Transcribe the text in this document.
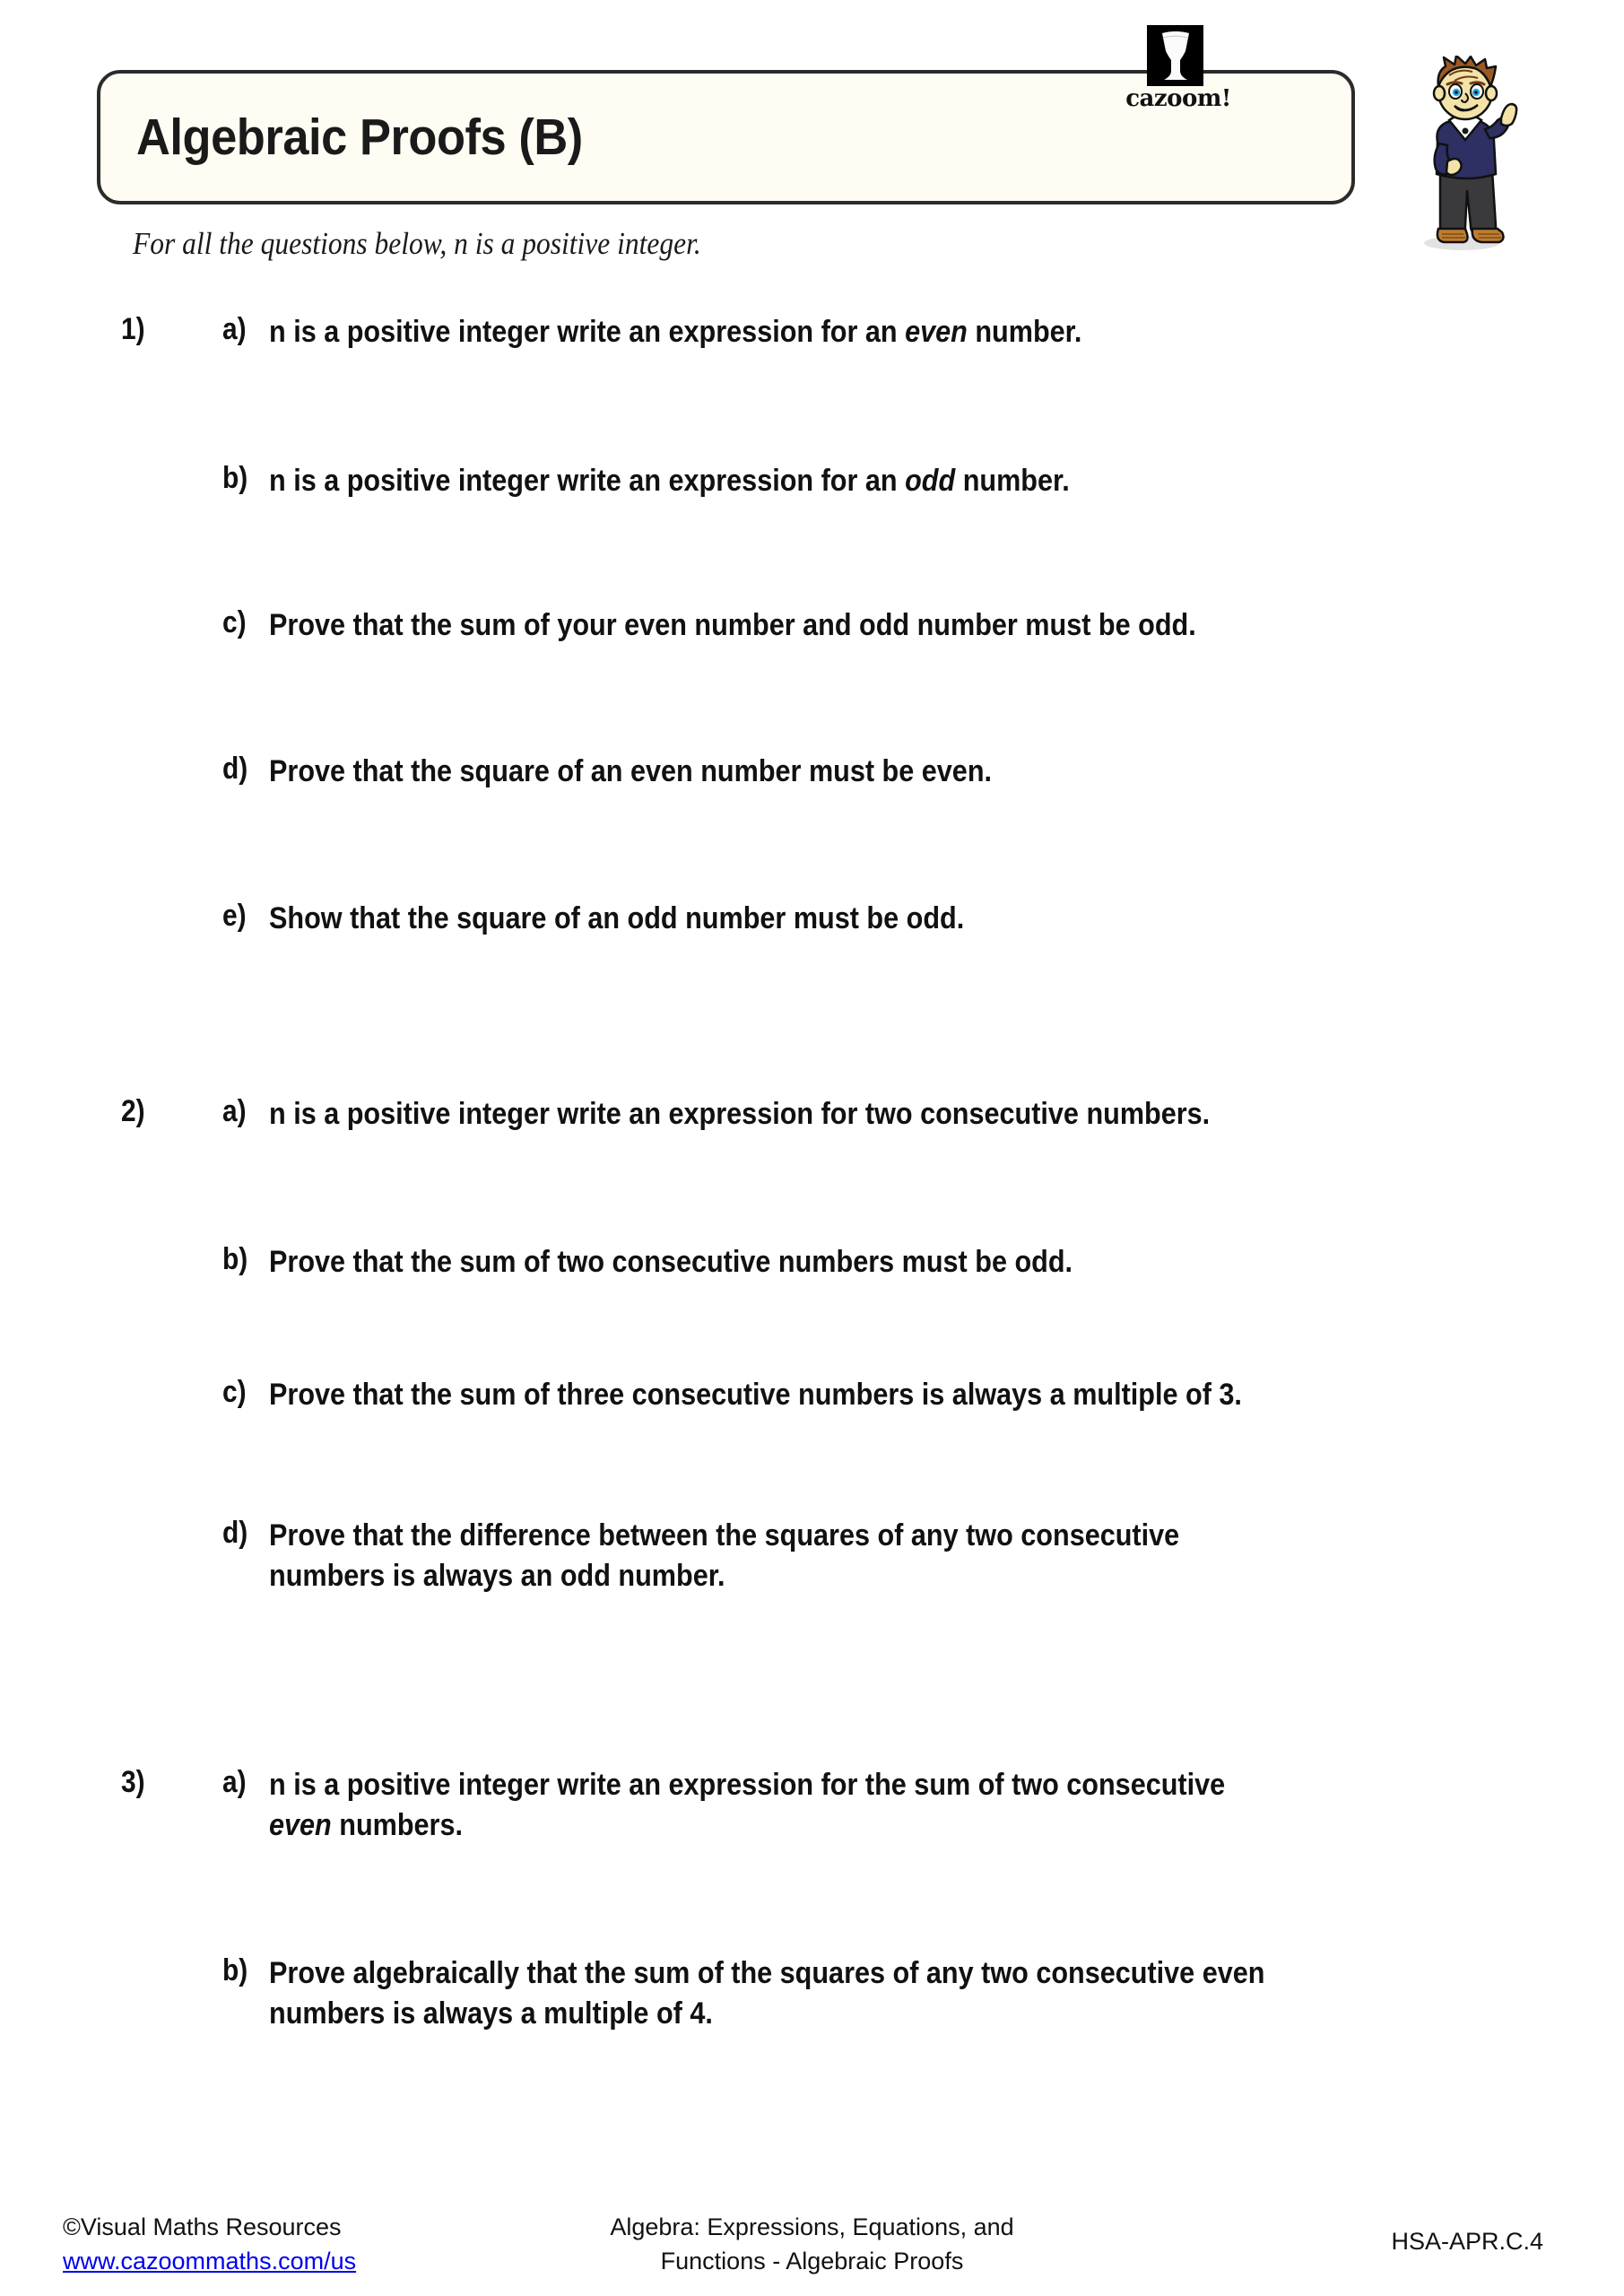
Algebraic Proofs (B)
cazoom!
For all the questions below, n is a positive integer.
1)	a) n is a positive integer write an expression for an even number.
b) n is a positive integer write an expression for an odd number.
c) Prove that the sum of your even number and odd number must be odd.
d) Prove that the square of an even number must be even.
e) Show that the square of an odd number must be odd.
2)	a) n is a positive integer write an expression for two consecutive numbers.
b) Prove that the sum of two consecutive numbers must be odd.
c) Prove that the sum of three consecutive numbers is always a multiple of 3.
d) Prove that the difference between the squares of any two consecutive numbers is always an odd number.
3)	a) n is a positive integer write an expression for the sum of two consecutive even numbers.
b) Prove algebraically that the sum of the squares of any two consecutive even numbers is always a multiple of 4.
©Visual Maths Resources
www.cazoommaths.com/us
Algebra: Expressions, Equations, and
Functions - Algebraic Proofs
HSA-APR.C.4
